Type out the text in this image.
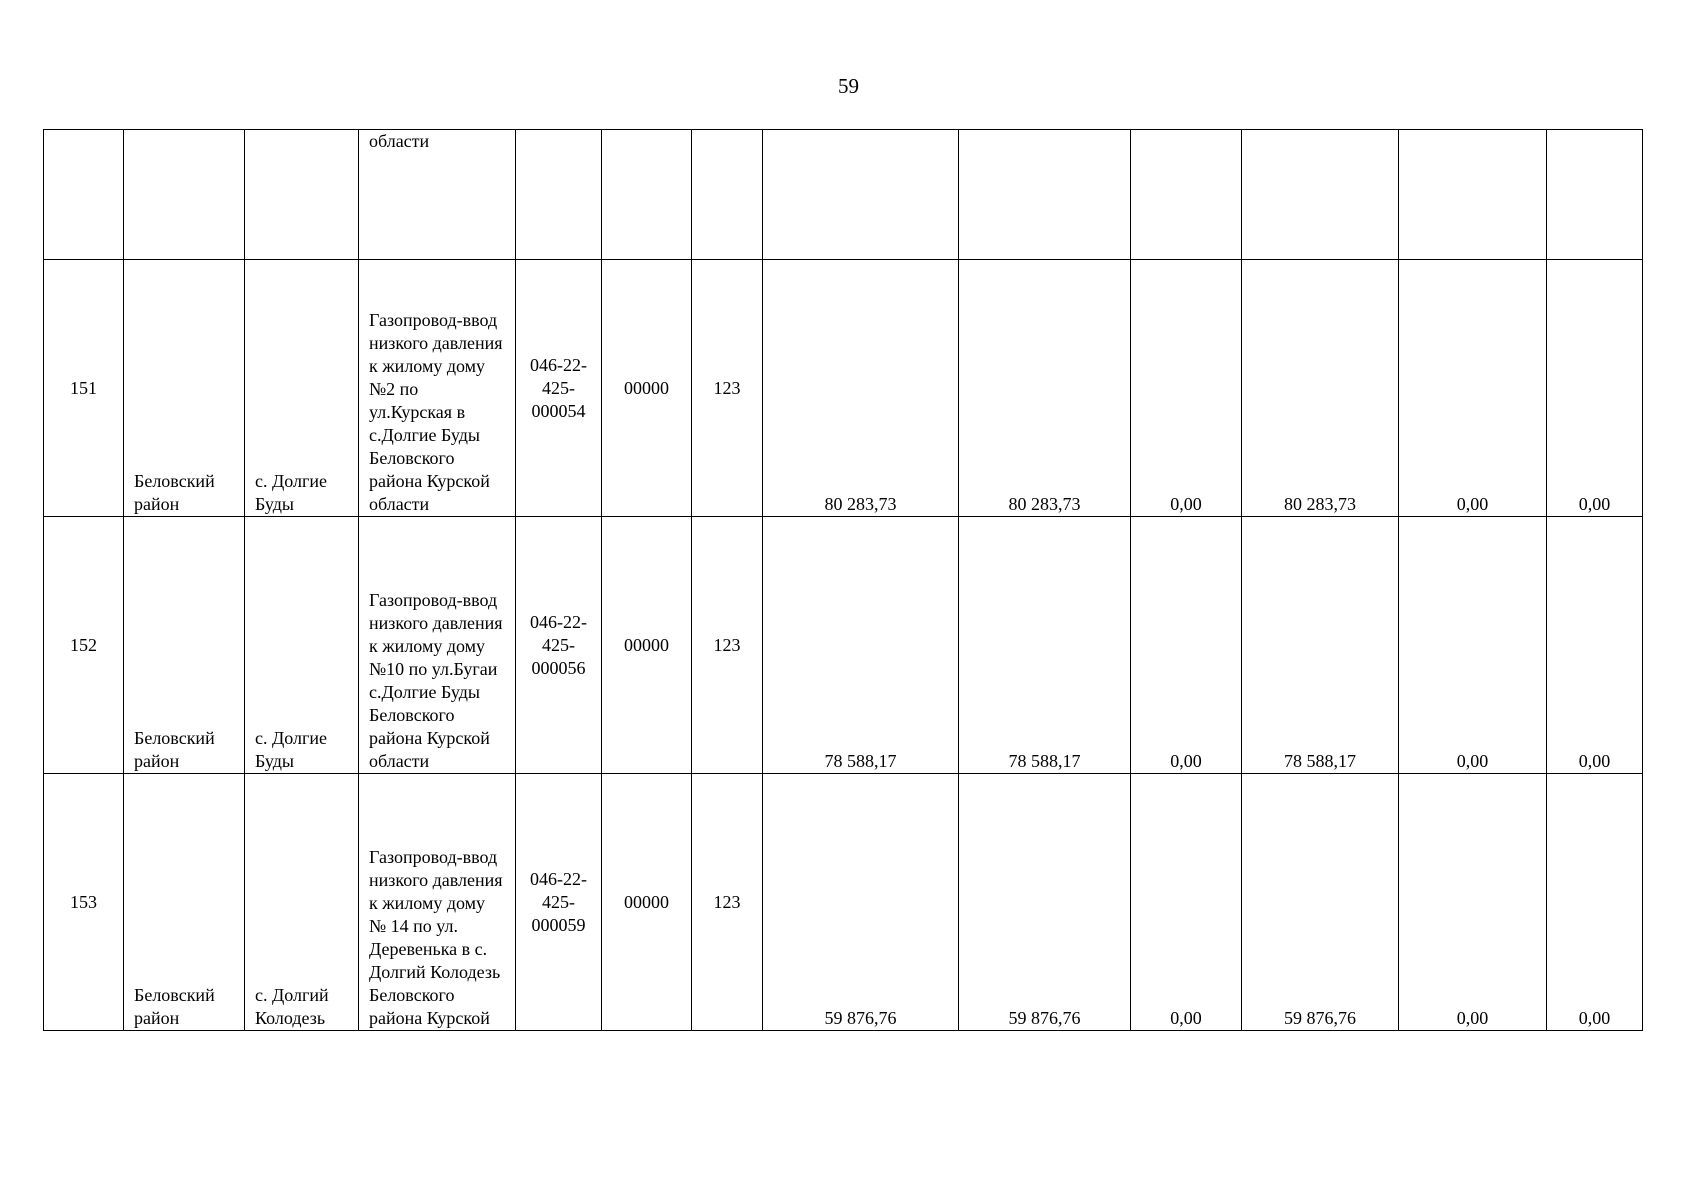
59
			области									
151	Беловский район	с. Долгие Буды	Газопровод-ввод низкого давления к жилому дому №2 по ул.Курская в с.Долгие Буды Беловского района Курской области	046-22-425-000054	00000	123	80 283,73	80 283,73	0,00	80 283,73	0,00	0,00
152	Беловский район	с. Долгие Буды	Газопровод-ввод низкого давления к жилому дому №10 по ул.Бугаи с.Долгие Буды Беловского района Курской области	046-22-425-000056	00000	123	78 588,17	78 588,17	0,00	78 588,17	0,00	0,00
153	Беловский район	с. Долгий Колодезь	Газопровод-ввод низкого давления к жилому дому № 14 по ул. Деревенька в с. Долгий Колодезь Беловского района Курской	046-22-425-000059	00000	123	59 876,76	59 876,76	0,00	59 876,76	0,00	0,00
